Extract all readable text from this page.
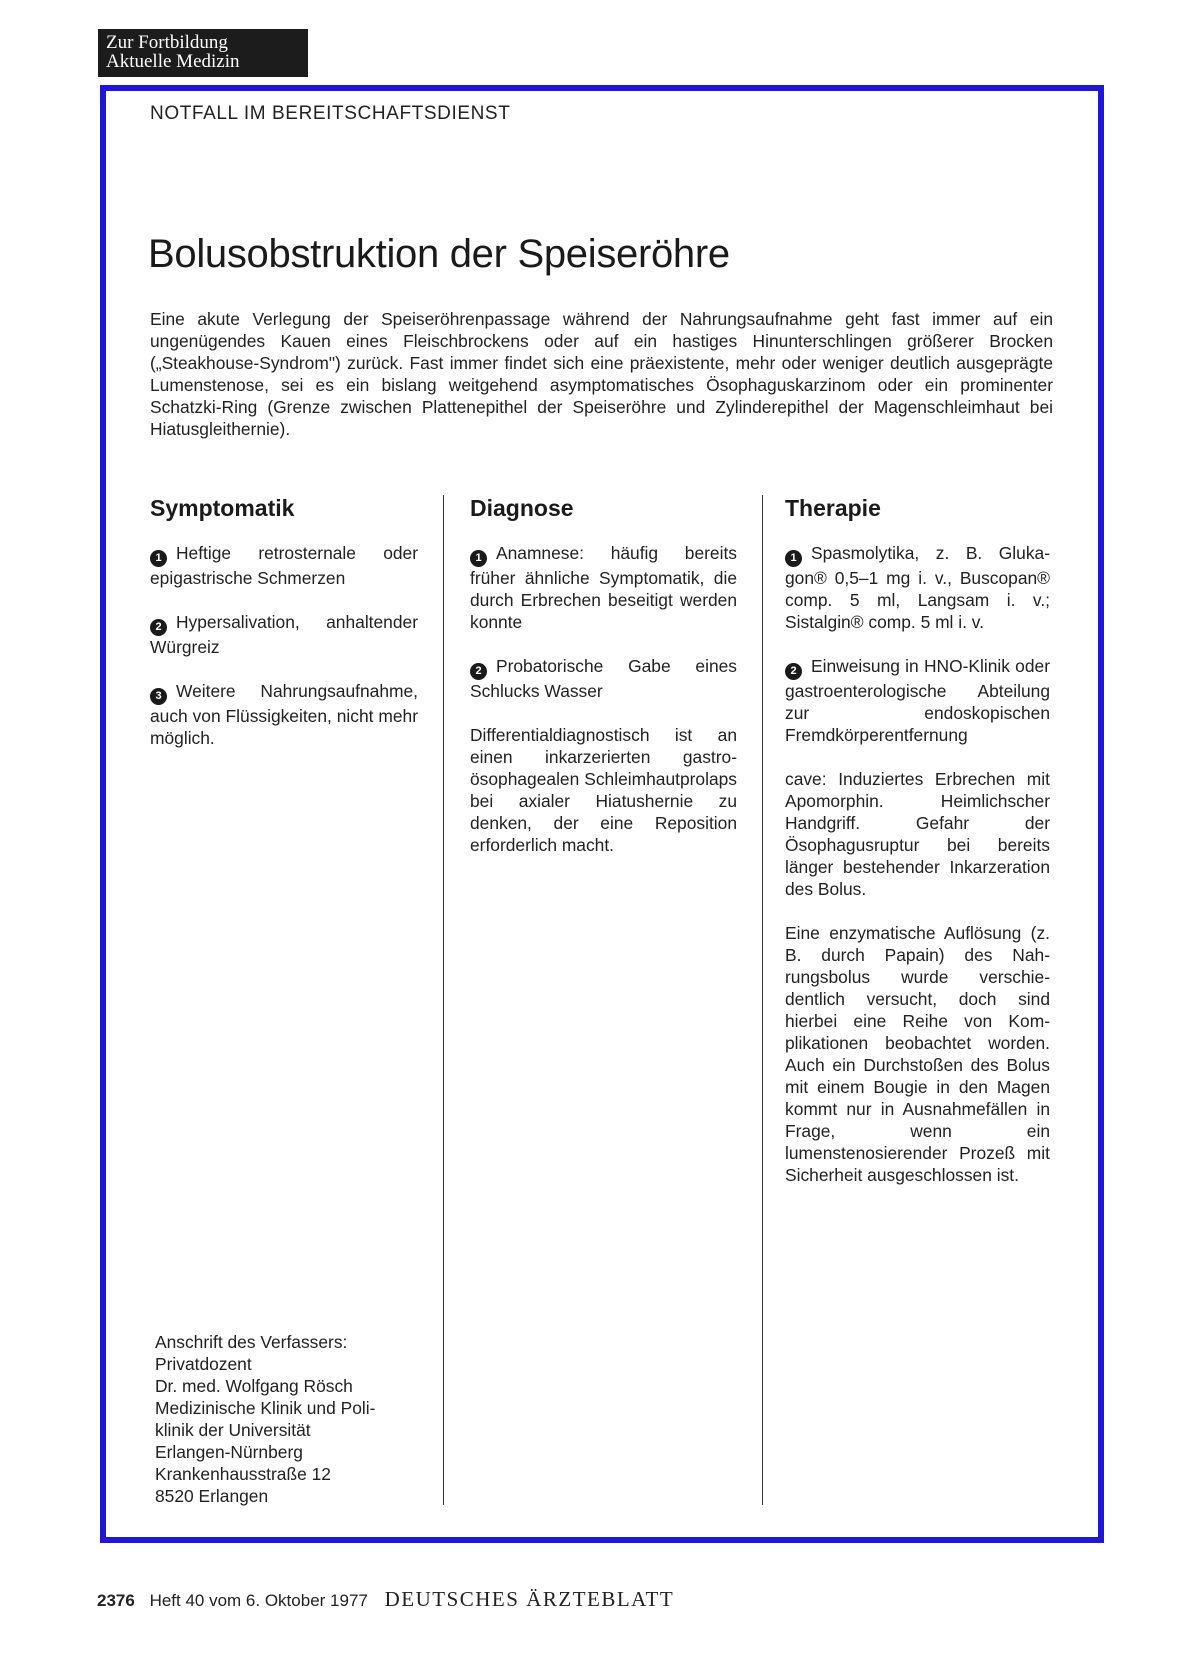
Zur Fortbildung
Aktuelle Medizin
NOTFALL IM BEREITSCHAFTSDIENST
Bolusobstruktion der Speiseröhre

Eine akute Verlegung der Speiseröhrenpassage während der Nahrungsaufnahme geht fast immer auf ein ungenügendes Kauen eines Fleischbrockens oder auf ein hastiges Hinunterschlingen größerer Brocken („Steakhouse-Syndrom") zurück. Fast immer findet sich eine präexistente, mehr oder weniger deutlich ausgeprägte Lumenstenose, sei es ein bislang weitgehend asymptomatisches Ösophaguskarzinom oder ein prominenter Schatzki-Ring (Grenze zwischen Plattenepithel der Speiseröhre und Zylinderepithel der Magenschleimhaut bei Hiatusgleithernie).

Symptomatik

1 Heftige retrosternale oder epigastrische Schmerzen

2 Hypersalivation, anhaltender Würgreiz

3 Weitere Nahrungsaufnahme, auch von Flüssigkeiten, nicht mehr möglich.

Diagnose

1 Anamnese: häufig bereits früher ähnliche Symptomatik, die durch Erbrechen beseitigt werden konnte

2 Probatorische Gabe eines Schlucks Wasser

Differentialdiagnostisch ist an einen inkarzerierten gastroösophagealen Schleimhautprolaps bei axialer Hiatushernie zu denken, der eine Reposition erforderlich macht.

Therapie

1 Spasmolytika, z. B. Glukagon® 0,5–1 mg i. v., Buscopan® comp. 5 ml, Langsam i. v.; Sistalgin® comp. 5 ml i. v.

2 Einweisung in HNO-Klinik oder gastroenterologische Abteilung zur endoskopischen Fremdkörperentfernung

cave: Induziertes Erbrechen mit Apomorphin. Heimlichscher Handgriff. Gefahr der Ösophagusruptur bei bereits länger bestehender Inkarzeration des Bolus.

Eine enzymatische Auflösung (z. B. durch Papain) des Nahrungsbolus wurde verschiedentlich versucht, doch sind hierbei eine Reihe von Komplikationen beobachtet worden. Auch ein Durchstoßen des Bolus mit einem Bougie in den Magen kommt nur in Ausnahmefällen in Frage, wenn ein lumenstenosierender Prozeß mit Sicherheit ausgeschlossen ist.

Anschrift des Verfassers:
Privatdozent
Dr. med. Wolfgang Rösch
Medizinische Klinik und Poli-
klinik der Universität
Erlangen-Nürnberg
Krankenhausstraße 12
8520 Erlangen
2376 Heft 40 vom 6. Oktober 1977 DEUTSCHES ÄRZTEBLATT
